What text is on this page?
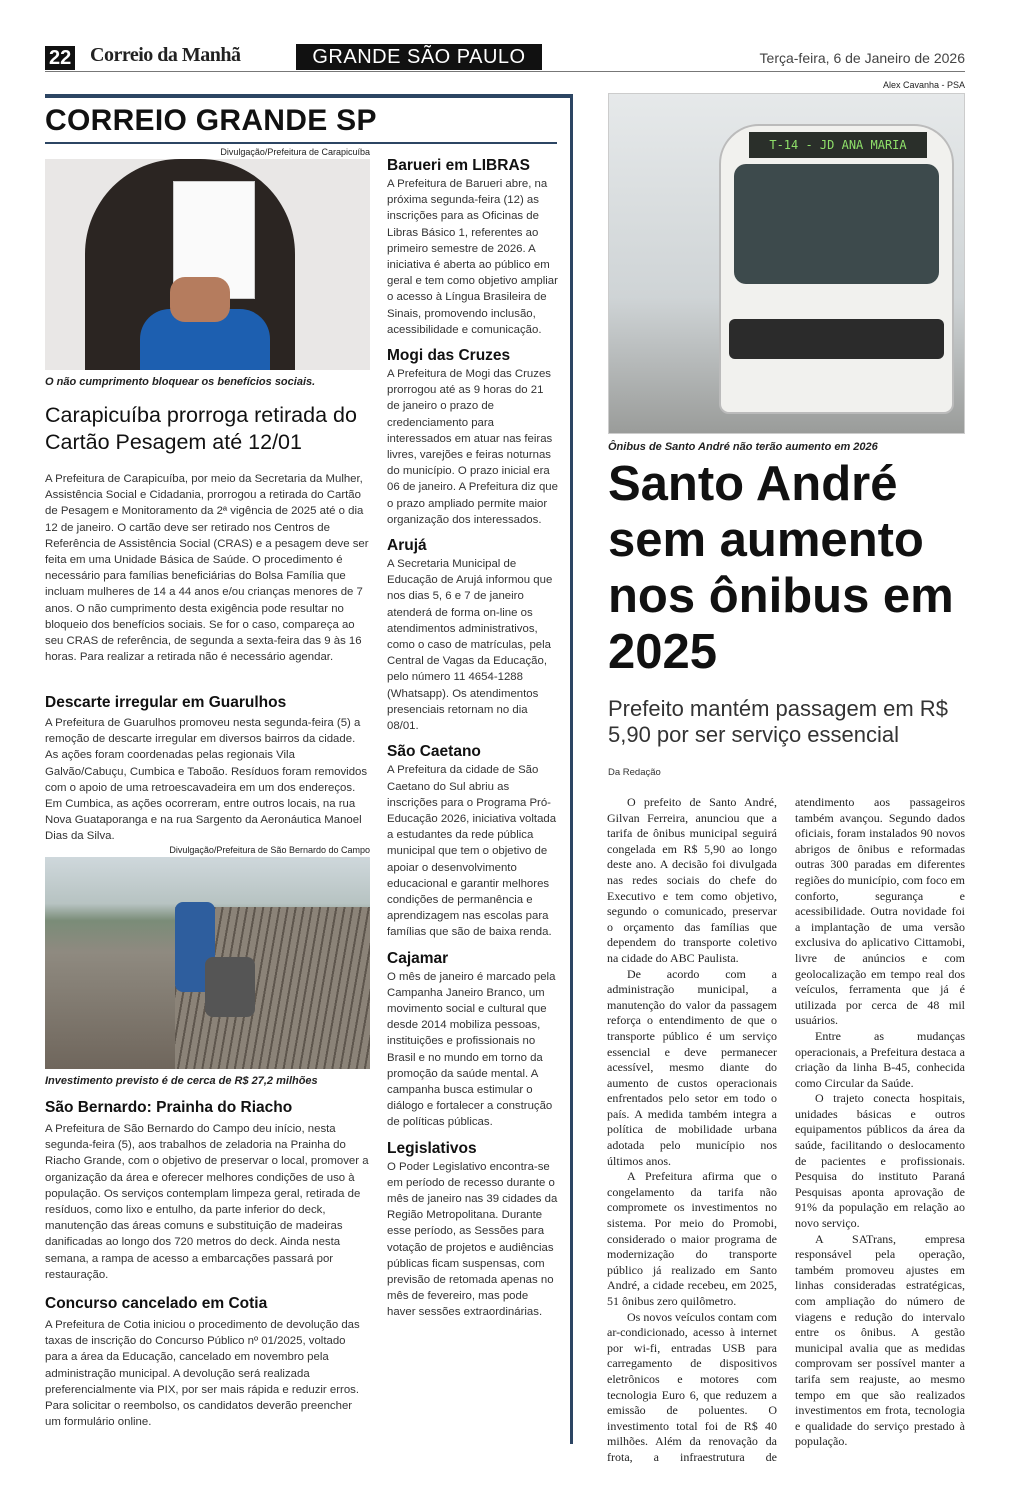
22 Correio da Manhã	GRANDE SÃO PAULO	Terça-feira, 6 de Janeiro de 2026
CORREIO GRANDE SP
Divulgação/Prefeitura de Carapicuíba
O não cumprimento bloquear os benefícios sociais.
Carapicuíba prorroga retirada do Cartão Pesagem até 12/01
A Prefeitura de Carapicuíba, por meio da Secretaria da Mulher, Assistência Social e Cidadania, prorrogou a retirada do Cartão de Pesagem e Monitoramento da 2ª vigência de 2025 até o dia 12 de janeiro. O cartão deve ser retirado nos Centros de Referência de Assistência Social (CRAS) e a pesagem deve ser feita em uma Unidade Básica de Saúde. O procedimento é necessário para famílias beneficiárias do Bolsa Família que incluam mulheres de 14 a 44 anos e/ou crianças menores de 7 anos. O não cumprimento desta exigência pode resultar no bloqueio dos benefícios sociais. Se for o caso, compareça ao seu CRAS de referência, de segunda a sexta-feira das 9 às 16 horas. Para realizar a retirada não é necessário agendar.
Descarte irregular em Guarulhos
A Prefeitura de Guarulhos promoveu nesta segunda-feira (5) a remoção de descarte irregular em diversos bairros da cidade. As ações foram coordenadas pelas regionais Vila Galvão/Cabuçu, Cumbica e Taboão. Resíduos foram removidos com o apoio de uma retroescavadeira em um dos endereços. Em Cumbica, as ações ocorreram, entre outros locais, na rua Nova Guataporanga e na rua Sargento da Aeronáutica Manoel Dias da Silva.
Divulgação/Prefeitura de São Bernardo do Campo
Investimento previsto é de cerca de R$ 27,2 milhões
São Bernardo: Prainha do Riacho
A Prefeitura de São Bernardo do Campo deu início, nesta segunda-feira (5), aos trabalhos de zeladoria na Prainha do Riacho Grande, com o objetivo de preservar o local, promover a organização da área e oferecer melhores condições de uso à população. Os serviços contemplam limpeza geral, retirada de resíduos, como lixo e entulho, da parte inferior do deck, manutenção das áreas comuns e substituição de madeiras danificadas ao longo dos 720 metros do deck. Ainda nesta semana, a rampa de acesso a embarcações passará por restauração.
Concurso cancelado em Cotia
A Prefeitura de Cotia iniciou o procedimento de devolução das taxas de inscrição do Concurso Público nº 01/2025, voltado para a área da Educação, cancelado em novembro pela administração municipal. A devolução será realizada preferencialmente via PIX, por ser mais rápida e reduzir erros. Para solicitar o reembolso, os candidatos deverão preencher um formulário online.
Barueri em LIBRAS
A Prefeitura de Barueri abre, na próxima segunda-feira (12) as inscrições para as Oficinas de Libras Básico 1, referentes ao primeiro semestre de 2026. A iniciativa é aberta ao público em geral e tem como objetivo ampliar o acesso à Língua Brasileira de Sinais, promovendo inclusão, acessibilidade e comunicação.
Mogi das Cruzes
A Prefeitura de Mogi das Cruzes prorrogou até as 9 horas do 21 de janeiro o prazo de credenciamento para interessados em atuar nas feiras livres, varejões e feiras noturnas do município. O prazo inicial era 06 de janeiro. A Prefeitura diz que o prazo ampliado permite maior organização dos interessados.
Arujá
A Secretaria Municipal de Educação de Arujá informou que nos dias 5, 6 e 7 de janeiro atenderá de forma on-line os atendimentos administrativos, como o caso de matrículas, pela Central de Vagas da Educação, pelo número 11 4654-1288 (Whatsapp). Os atendimentos presenciais retornam no dia 08/01.
São Caetano
A Prefeitura da cidade de São Caetano do Sul abriu as inscrições para o Programa Pró-Educação 2026, iniciativa voltada a estudantes da rede pública municipal que tem o objetivo de apoiar o desenvolvimento educacional e garantir melhores condições de permanência e aprendizagem nas escolas para famílias que são de baixa renda.
Cajamar
O mês de janeiro é marcado pela Campanha Janeiro Branco, um movimento social e cultural que desde 2014 mobiliza pessoas, instituições e profissionais no Brasil e no mundo em torno da promoção da saúde mental. A campanha busca estimular o diálogo e fortalecer a construção de políticas públicas.
Legislativos
O Poder Legislativo encontra-se em período de recesso durante o mês de janeiro nas 39 cidades da Região Metropolitana. Durante esse período, as Sessões para votação de projetos e audiências públicas ficam suspensas, com previsão de retomada apenas no mês de fevereiro, mas pode haver sessões extraordinárias.
Alex Cavanha - PSA
T-14 - JD ANA MARIA
Ônibus de Santo André não terão aumento em 2026
Santo André sem aumento nos ônibus em 2025
Prefeito mantém passagem em R$ 5,90 por ser serviço essencial
Da Redação

O prefeito de Santo André, Gilvan Ferreira, anunciou que a tarifa de ônibus municipal seguirá congelada em R$ 5,90 ao longo deste ano. A decisão foi divulgada nas redes sociais do chefe do Executivo e tem como objetivo, segundo o comunicado, preservar o orçamento das famílias que dependem do transporte coletivo na cidade do ABC Paulista.

De acordo com a administração municipal, a manutenção do valor da passagem reforça o entendimento de que o transporte público é um serviço essencial e deve permanecer acessível, mesmo diante do aumento de custos operacionais enfrentados pelo setor em todo o país. A medida também integra a política de mobilidade urbana adotada pelo município nos últimos anos.

A Prefeitura afirma que o congelamento da tarifa não compromete os investimentos no sistema. Por meio do Promobi, considerado o maior programa de modernização do transporte público já realizado em Santo André, a cidade recebeu, em 2025, 51 ônibus zero quilômetro.

Os novos veículos contam com ar-condicionado, acesso à internet por wi-fi, entradas USB para carregamento de dispositivos eletrônicos e motores com tecnologia Euro 6, que reduzem a emissão de poluentes. O investimento total foi de R$ 40 milhões. Além da renovação da frota, a infraestrutura de atendimento aos passageiros também avançou. Segundo dados oficiais, foram instalados 90 novos abrigos de ônibus e reformadas outras 300 paradas em diferentes regiões do município, com foco em conforto, segurança e acessibilidade. Outra novidade foi a implantação de uma versão exclusiva do aplicativo Cittamobi, livre de anúncios e com geolocalização em tempo real dos veículos, ferramenta que já é utilizada por cerca de 48 mil usuários.

Entre as mudanças operacionais, a Prefeitura destaca a criação da linha B-45, conhecida como Circular da Saúde.

O trajeto conecta hospitais, unidades básicas e outros equipamentos públicos da área da saúde, facilitando o deslocamento de pacientes e profissionais. Pesquisa do instituto Paraná Pesquisas aponta aprovação de 91% da população em relação ao novo serviço.

A SATrans, empresa responsável pela operação, também promoveu ajustes em linhas consideradas estratégicas, com ampliação do número de viagens e redução do intervalo entre os ônibus. A gestão municipal avalia que as medidas comprovam ser possível manter a tarifa sem reajuste, ao mesmo tempo em que são realizados investimentos em frota, tecnologia e qualidade do serviço prestado à população.
